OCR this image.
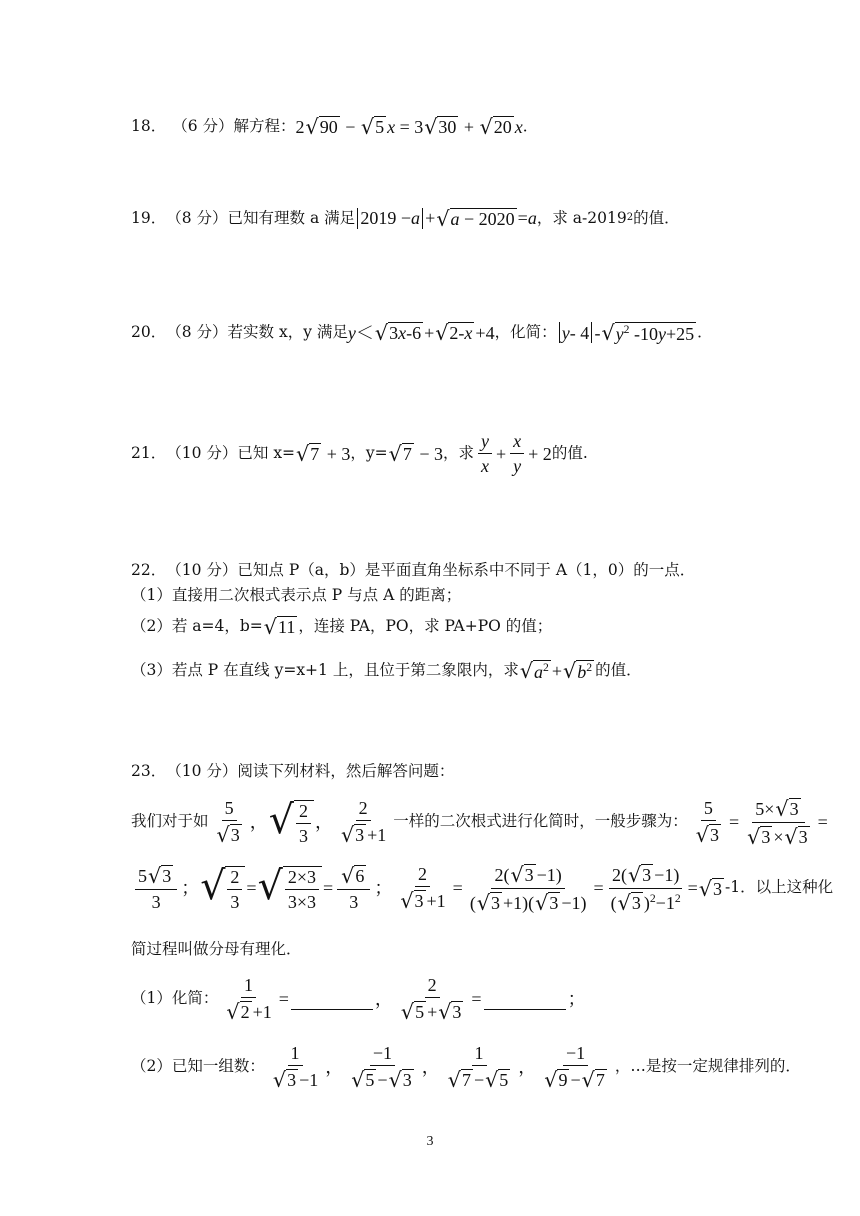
18． （6 分） 解方程： 2 √ 90 − √ 5 x = 3 √ 30 + √ 20 x ．
19． （8 分） 已知有理数 a 满足 2019 − a + √ a − 2020 = a ，求 a-2019 2 的值．
20． （8 分） 若实数 x，y 满足 y＜ √ 3x-6 + √ 2-x +4 ，化简： y - 4 - √ $y^2$ -10y+25 ．
21． （10 分） 已知 x= √ 7 + 3 ，y= √ 7 − 3 ，求 $\frac{y}{x} + \frac{x}{y} + 2$ 的值.
22． （10 分） 已知点 P（a，b）是平面直角坐标系中不同于 A（1，0）的一点．
（1）直接用二次根式表示点 P 与点 A 的距离；
（2）若 a=4，b= √ 11 ，连接 PA，PO，求 PA+PO 的值；
（3）若点 P 在直线 y=x+1 上，且位于第二象限内，求 √ $a^2$ + √ $b^2$ 的值．
23． （10 分） 阅读下列材料，然后解答问题：
我们对于如 $\frac{5}{√ 3}$ ， √ $\frac{2}{3}$ ， $\frac{2}{√ 3 +1}$ 一样的二次根式进行化简时，一般步骤为： $\frac{5}{√ 3} = \frac{5\times √ 3}{√ 3 \times √ 3}$ =
$\frac{5 √ 3}{3}$ ； √ $\frac{2}{3}$ = √ $\frac{2\times 3}{3\times 3} = \frac{√ 6}{3}$ ； $\frac{2}{√ 3 +1} = \frac{2( √ 3 -1)}{( √ 3 +1)( √ 3 -1)} = \frac{2( √ 3 -1)}{( √ 3 )^2-1^2}$ = √ 3 -1．以上这种化
简过程叫做分母有理化．
（1）化简： $\frac{1}{√ 2 +1}$ =	， $\frac{2}{√ 5 + √ 3}$ =	；
（2）已知一组数： $\frac{1}{√ 3 -1}$ ， $\frac{-1}{√ 5 - √ 3}$ ， $\frac{1}{√ 7 - √ 5}$ ， $\frac{-1}{√ 9 - √ 7}$ ，…是按一定规律排列的．
3
